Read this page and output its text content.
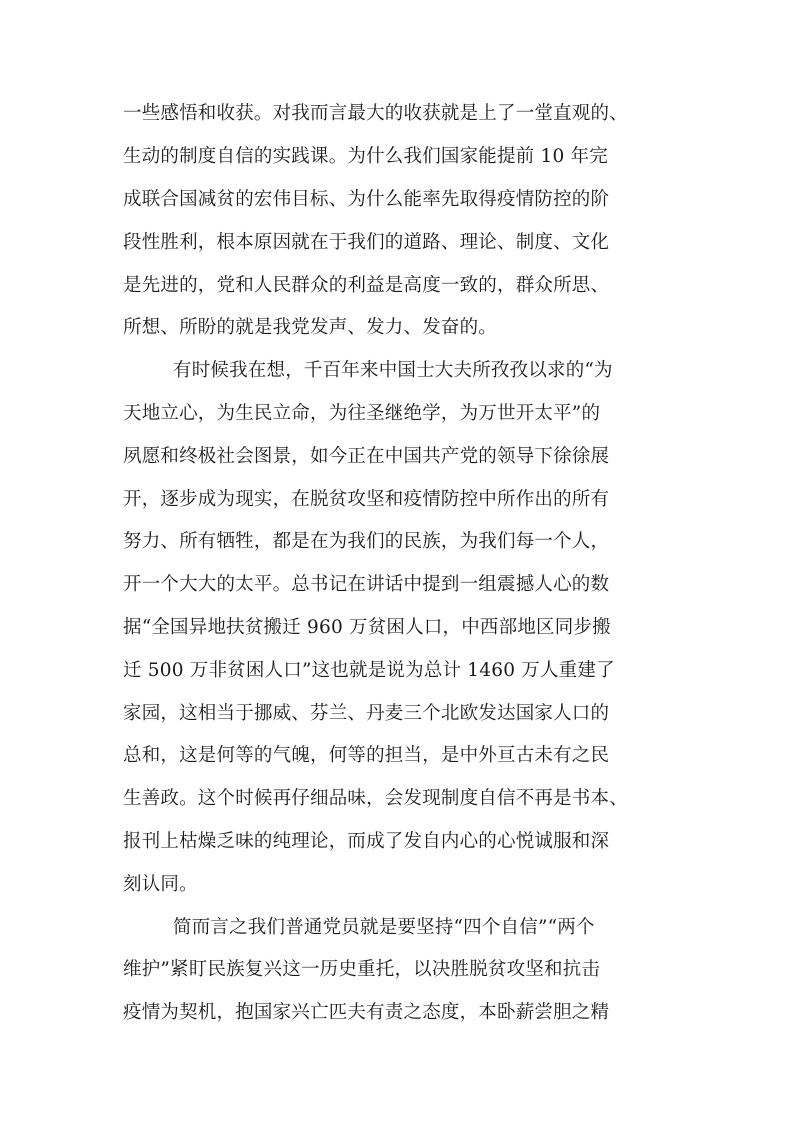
一些感悟和收获。对我而言最大的收获就是上了一堂直观的、
生动的制度自信的实践课。为什么我们国家能提前 10 年完
成联合国减贫的宏伟目标、为什么能率先取得疫情防控的阶
段性胜利，根本原因就在于我们的道路、理论、制度、文化
是先进的，党和人民群众的利益是高度一致的，群众所思、
所想、所盼的就是我党发声、发力、发奋的。
有时候我在想，千百年来中国士大夫所孜孜以求的“为
天地立心，为生民立命，为往圣继绝学，为万世开太平”的
夙愿和终极社会图景，如今正在中国共产党的领导下徐徐展
开，逐步成为现实，在脱贫攻坚和疫情防控中所作出的所有
努力、所有牺牲，都是在为我们的民族，为我们每一个人，
开一个大大的太平。总书记在讲话中提到一组震撼人心的数
据“全国异地扶贫搬迁 960 万贫困人口，中西部地区同步搬
迁 500 万非贫困人口”这也就是说为总计 1460 万人重建了
家园，这相当于挪威、芬兰、丹麦三个北欧发达国家人口的
总和，这是何等的气魄，何等的担当，是中外亘古未有之民
生善政。这个时候再仔细品味，会发现制度自信不再是书本、
报刊上枯燥乏味的纯理论，而成了发自内心的心悦诚服和深
刻认同。
简而言之我们普通党员就是要坚持“四个自信”“两个
维护”紧盯民族复兴这一历史重托，以决胜脱贫攻坚和抗击
疫情为契机，抱国家兴亡匹夫有责之态度，本卧薪尝胆之精
